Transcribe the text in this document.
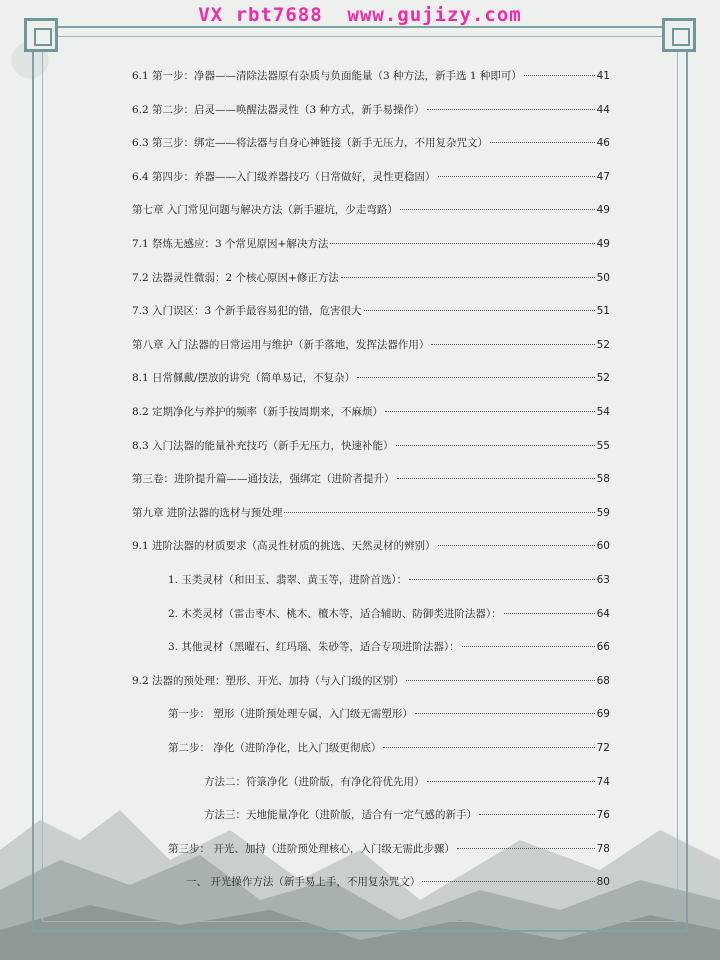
VX rbt7688  www.gujizy.com
6.1 第一步：净器——清除法器原有杂质与负面能量（3 种方法，新手选 1 种即可）	41
6.2 第二步：启灵——唤醒法器灵性（3 种方式，新手易操作）	44
6.3 第三步：绑定——将法器与自身心神链接（新手无压力，不用复杂咒文）	46
6.4 第四步：养器——入门级养器技巧（日常做好，灵性更稳固）	47
第七章 入门常见问题与解决方法（新手避坑，少走弯路）	49
7.1 祭炼无感应：3 个常见原因+解决方法	49
7.2 法器灵性微弱：2 个核心原因+修正方法	50
7.3 入门误区：3 个新手最容易犯的错，危害很大	51
第八章 入门法器的日常运用与维护（新手落地，发挥法器作用）	52
8.1 日常佩戴/摆放的讲究（简单易记，不复杂）	52
8.2 定期净化与养护的频率（新手按周期来，不麻烦）	54
8.3 入门法器的能量补充技巧（新手无压力，快速补能）	55
第三卷：进阶提升篇——通技法，强绑定（进阶者提升）	58
第九章 进阶法器的选材与预处理	59
9.1 进阶法器的材质要求（高灵性材质的挑选、天然灵材的辨别）	60
1. 玉类灵材（和田玉、翡翠、黄玉等，进阶首选）：	63
2. 木类灵材（雷击枣木、桃木、檀木等，适合辅助、防御类进阶法器）：	64
3. 其他灵材（黑曜石、红玛瑙、朱砂等，适合专项进阶法器）：	66
9.2 法器的预处理：塑形、开光、加持（与入门级的区别）	68
第一步： 塑形（进阶预处理专属，入门级无需塑形）	69
第二步： 净化（进阶净化，比入门级更彻底）	72
方法二：符箓净化（进阶版，有净化符优先用）	74
方法三：天地能量净化（进阶版，适合有一定气感的新手）	76
第三步： 开光、加持（进阶预处理核心，入门级无需此步骤）	78
一、 开光操作方法（新手易上手，不用复杂咒文）	80
